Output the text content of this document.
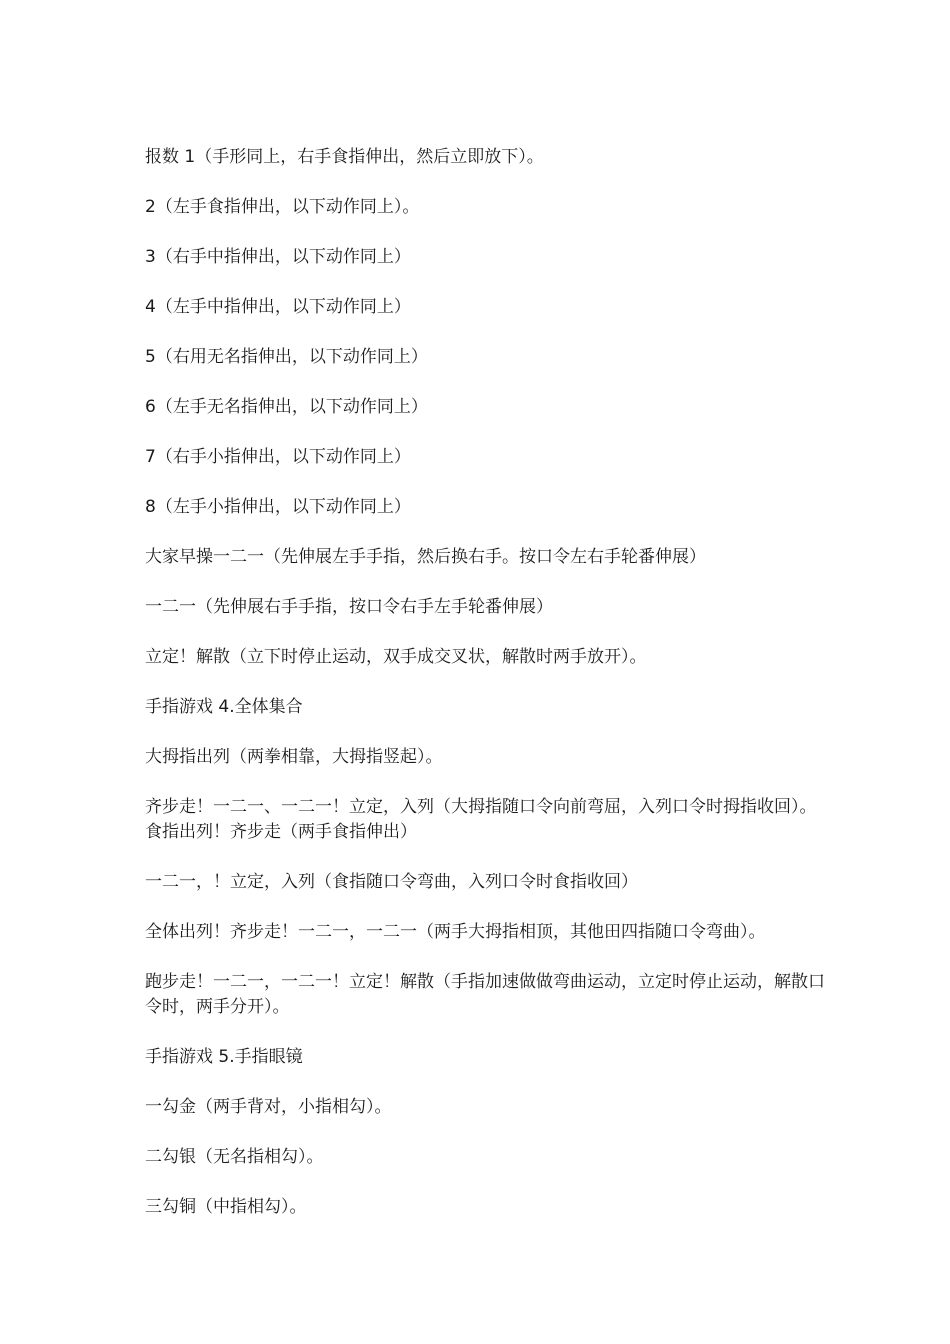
报数 1（手形同上，右手食指伸出，然后立即放下）。

2（左手食指伸出，以下动作同上）。

3（右手中指伸出，以下动作同上）

4（左手中指伸出，以下动作同上）

5（右用无名指伸出，以下动作同上）

6（左手无名指伸出，以下动作同上）

7（右手小指伸出，以下动作同上）

8（左手小指伸出，以下动作同上）

大家早操一二一（先伸展左手手指，然后换右手。按口令左右手轮番伸展）

一二一（先伸展右手手指，按口令右手左手轮番伸展）

立定！解散（立下时停止运动，双手成交叉状，解散时两手放开）。

手指游戏 4.全体集合

大拇指出列（两拳相靠，大拇指竖起）。

齐步走！一二一、一二一！立定，入列（大拇指随口令向前弯屈，入列口令时拇指收回）。食指出列！齐步走（两手食指伸出）

一二一，！立定，入列（食指随口令弯曲，入列口令时食指收回）

全体出列！齐步走！一二一，一二一（两手大拇指相顶，其他田四指随口令弯曲）。

跑步走！一二一，一二一！立定！解散（手指加速做做弯曲运动，立定时停止运动，解散口令时，两手分开）。

手指游戏 5.手指眼镜

一勾金（两手背对，小指相勾）。

二勾银（无名指相勾）。

三勾铜（中指相勾）。
